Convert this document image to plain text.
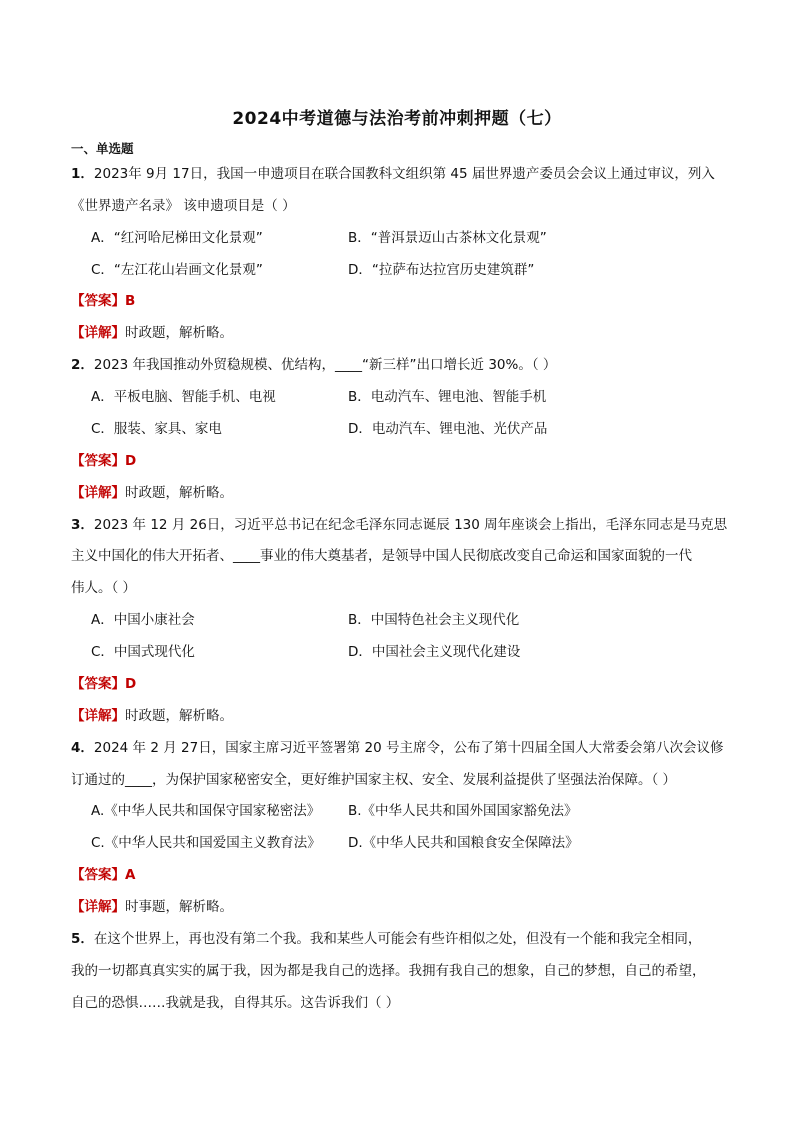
2024中考道德与法治考前冲刺押题（七）
一、单选题
1．2023年 9月 17日，我国一申遗项目在联合国教科文组织第 45 届世界遗产委员会会议上通过审议，列入
《世界遗产名录》 该申遗项目是（ ）
A．“红河哈尼梯田文化景观”	B．“普洱景迈山古茶林文化景观”
C．“左江花山岩画文化景观”	D．“拉萨布达拉宫历史建筑群”
【答案】B
【详解】时政题，解析略。
2．2023 年我国推动外贸稳规模、优结构，____“新三样”出口增长近 30%。（ ）
A．平板电脑、智能手机、电视	B．电动汽车、锂电池、智能手机
C．服装、家具、家电	D．电动汽车、锂电池、光伏产品
【答案】D
【详解】时政题，解析略。
3．2023 年 12 月 26日，习近平总书记在纪念毛泽东同志诞辰 130 周年座谈会上指出，毛泽东同志是马克思
主义中国化的伟大开拓者、____事业的伟大奠基者，是领导中国人民彻底改变自己命运和国家面貌的一代
伟人。（ ）
A．中国小康社会	B．中国特色社会主义现代化
C．中国式现代化	D．中国社会主义现代化建设
【答案】D
【详解】时政题，解析略。
4．2024 年 2 月 27日，国家主席习近平签署第 20 号主席令，公布了第十四届全国人大常委会第八次会议修
订通过的____，为保护国家秘密安全，更好维护国家主权、安全、发展利益提供了坚强法治保障。（ ）
A.《中华人民共和国保守国家秘密法》 B.《中华人民共和国外国国家豁免法》
C.《中华人民共和国爱国主义教育法》 D.《中华人民共和国粮食安全保障法》
【答案】A
【详解】时事题，解析略。
5．在这个世界上，再也没有第二个我。我和某些人可能会有些许相似之处，但没有一个能和我完全相同，
我的一切都真真实实的属于我，因为都是我自己的选择。我拥有我自己的想象，自己的梦想，自己的希望，
自己的恐惧……我就是我，自得其乐。这告诉我们（ ）
